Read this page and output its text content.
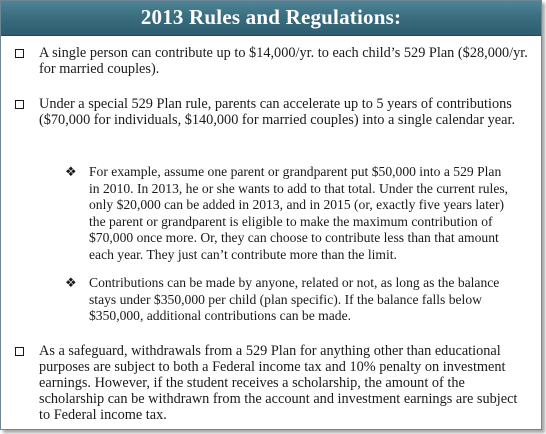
2013 Rules and Regulations:
A single person can contribute up to $14,000/yr. to each child’s 529 Plan ($28,000/yr. for married couples).
Under a special 529 Plan rule, parents can accelerate up to 5 years of contributions ($70,000 for individuals, $140,000 for married couples) into a single calendar year.
❖ For example, assume one parent or grandparent put $50,000 into a 529 Plan in 2010. In 2013, he or she wants to add to that total. Under the current rules, only $20,000 can be added in 2013, and in 2015 (or, exactly five years later) the parent or grandparent is eligible to make the maximum contribution of $70,000 once more. Or, they can choose to contribute less than that amount each year. They just can’t contribute more than the limit.
❖ Contributions can be made by anyone, related or not, as long as the balance stays under $350,000 per child (plan specific). If the balance falls below $350,000, additional contributions can be made.
As a safeguard, withdrawals from a 529 Plan for anything other than educational purposes are subject to both a Federal income tax and 10% penalty on investment earnings. However, if the student receives a scholarship, the amount of the scholarship can be withdrawn from the account and investment earnings are subject to Federal income tax.
